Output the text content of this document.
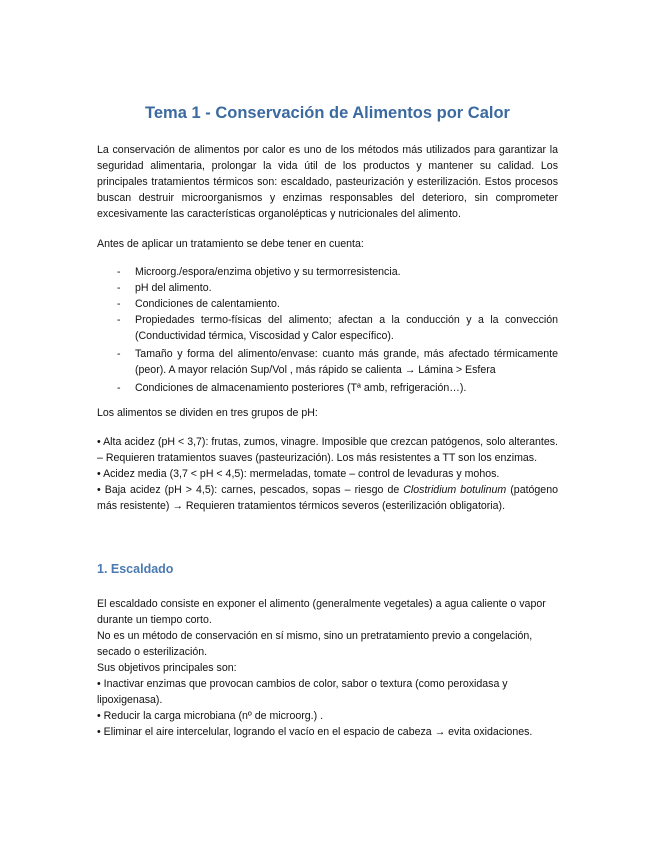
Tema 1 - Conservación de Alimentos por Calor

La conservación de alimentos por calor es uno de los métodos más utilizados para garantizar la seguridad alimentaria, prolongar la vida útil de los productos y mantener su calidad. Los principales tratamientos térmicos son: escaldado, pasteurización y esterilización. Estos procesos buscan destruir microorganismos y enzimas responsables del deterioro, sin comprometer excesivamente las características organolépticas y nutricionales del alimento.

Antes de aplicar un tratamiento se debe tener en cuenta:

- Microorg./espora/enzima objetivo y su termorresistencia.
- pH del alimento.
- Condiciones de calentamiento.
- Propiedades termo-físicas del alimento; afectan a la conducción y a la convección (Conductividad térmica, Viscosidad y Calor específico).
- Tamaño y forma del alimento/envase: cuanto más grande, más afectado térmicamente (peor). A mayor relación Sup/Vol , más rápido se calienta → Lámina > Esfera
- Condiciones de almacenamiento posteriores (Tª amb, refrigeración…).

Los alimentos se dividen en tres grupos de pH:

• Alta acidez (pH < 3,7): frutas, zumos, vinagre. Imposible que crezcan patógenos, solo alterantes. – Requieren tratamientos suaves (pasteurización). Los más resistentes a TT son los enzimas.

• Acidez media (3,7 < pH < 4,5): mermeladas, tomate – control de levaduras y mohos.

• Baja acidez (pH > 4,5): carnes, pescados, sopas – riesgo de Clostridium botulinum (patógeno más resistente) → Requieren tratamientos térmicos severos (esterilización obligatoria).

1. Escaldado

El escaldado consiste en exponer el alimento (generalmente vegetales) a agua caliente o vapor durante un tiempo corto.

No es un método de conservación en sí mismo, sino un pretratamiento previo a congelación, secado o esterilización.

Sus objetivos principales son:

• Inactivar enzimas que provocan cambios de color, sabor o textura (como peroxidasa y lipoxigenasa).

• Reducir la carga microbiana (nº de microorg.) .

• Eliminar el aire intercelular, logrando el vacío en el espacio de cabeza → evita oxidaciones.
